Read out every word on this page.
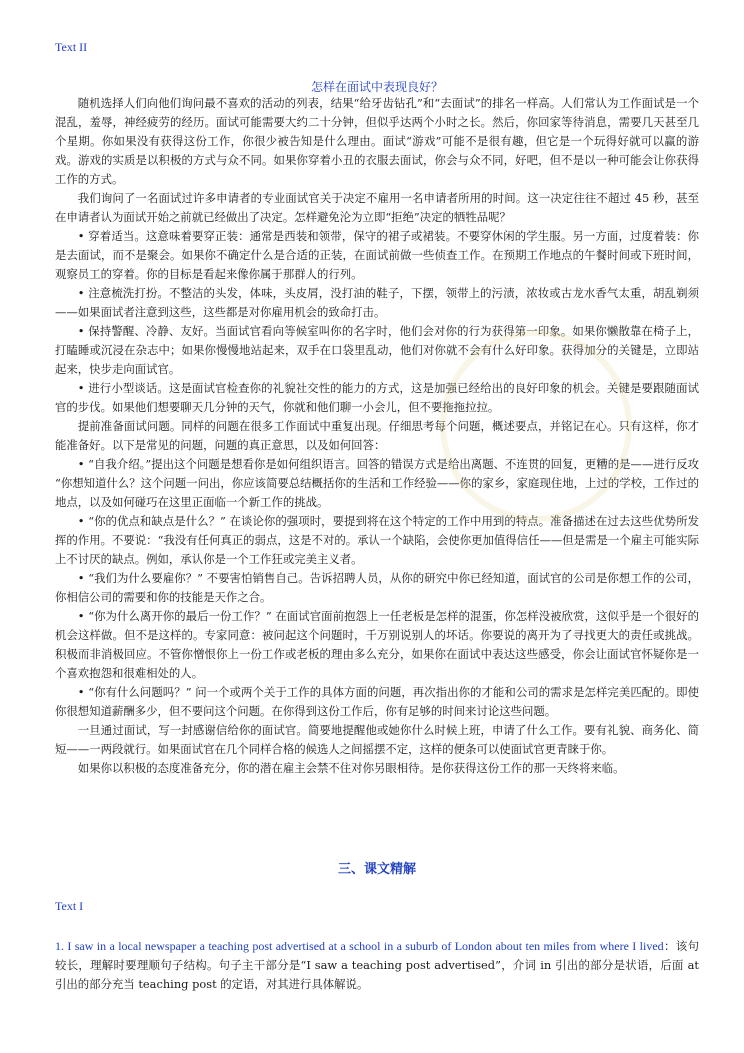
Text II
怎样在面试中表现良好？

随机选择人们向他们询问最不喜欢的活动的列表，结果“给牙齿钻孔”和“去面试”的排名一样高。人们常认为工作面试是一个混乱，羞辱，神经疲劳的经历。面试可能需要大约二十分钟，但似乎达两个小时之长。然后，你回家等待消息，需要几天甚至几个星期。你如果没有获得这份工作，你很少被告知是什么理由。面试“游戏”可能不是很有趣，但它是一个玩得好就可以赢的游戏。游戏的实质是以积极的方式与众不同。如果你穿着小丑的衣服去面试，你会与众不同，好吧，但不是以一种可能会让你获得工作的方式。

我们询问了一名面试过许多申请者的专业面试官关于决定不雇用一名申请者所用的时间。这一决定往往不超过 45 秒，甚至在申请者认为面试开始之前就已经做出了决定。怎样避免沦为立即“拒绝”决定的牺牲品呢？

• 穿着适当。这意味着要穿正装：通常是西装和领带，保守的裙子或裙装。不要穿休闲的学生服。另一方面，过度着装：你是去面试，而不是聚会。如果你不确定什么是合适的正装，在面试前做一些侦查工作。在预期工作地点的午餐时间或下班时间，观察员工的穿着。你的目标是看起来像你属于那群人的行列。

• 注意梳洗打扮。不整洁的头发，体味，头皮屑，没打油的鞋子，下摆，领带上的污渍，浓妆或古龙水香气太重，胡乱剃须——如果面试者注意到这些，这些都是对你雇用机会的致命打击。

• 保持警醒、冷静、友好。当面试官看向等候室叫你的名字时，他们会对你的行为获得第一印象。如果你懒散靠在椅子上，打瞌睡或沉浸在杂志中；如果你慢慢地站起来，双手在口袋里乱动，他们对你就不会有什么好印象。获得加分的关键是，立即站起来，快步走向面试官。

• 进行小型谈话。这是面试官检查你的礼貌社交性的能力的方式，这是加强已经给出的良好印象的机会。关键是要跟随面试官的步伐。如果他们想要聊天几分钟的天气，你就和他们聊一小会儿，但不要拖拖拉拉。

提前准备面试问题。同样的问题在很多工作面试中重复出现。仔细思考每个问题，概述要点，并铭记在心。只有这样，你才能准备好。以下是常见的问题，问题的真正意思，以及如何回答：

• “自我介绍。”提出这个问题是想看你是如何组织语言。回答的错误方式是给出离题、不连贯的回复，更糟的是——进行反攻 “你想知道什么？这个问题一问出，你应该简要总结概括你的生活和工作经验——你的家乡，家庭现住地，上过的学校，工作过的地点，以及如何碰巧在这里正面临一个新工作的挑战。

• “你的优点和缺点是什么？” 在谈论你的强项时，要提到将在这个特定的工作中用到的特点。准备描述在过去这些优势所发挥的作用。不要说：“我没有任何真正的弱点，这是不对的。承认一个缺陷，会使你更加值得信任——但是需是一个雇主可能实际上不讨厌的缺点。例如，承认你是一个工作狂或完美主义者。

• “我们为什么要雇你？” 不要害怕销售自己。告诉招聘人员，从你的研究中你已经知道，面试官的公司是你想工作的公司，你相信公司的需要和你的技能是天作之合。

• “你为什么离开你的最后一份工作？” 在面试官面前抱怨上一任老板是怎样的混蛋，你怎样没被欣赏，这似乎是一个很好的机会这样做。但不是这样的。专家同意：被问起这个问题时，千万别说别人的坏话。你要说的离开为了寻找更大的责任或挑战。积极而非消极回应。不管你憎恨你上一份工作或老板的理由多么充分，如果你在面试中表达这些感受，你会让面试官怀疑你是一个喜欢抱怨和很难相处的人。

• “你有什么问题吗？” 问一个或两个关于工作的具体方面的问题，再次指出你的才能和公司的需求是怎样完美匹配的。即使你很想知道薪酬多少，但不要问这个问题。在你得到这份工作后，你有足够的时间来讨论这些问题。

一旦通过面试，写一封感谢信给你的面试官。简要地提醒他或她你什么时候上班，申请了什么工作。要有礼貌、商务化、简短——一两段就行。如果面试官在几个同样合格的候选人之间摇摆不定，这样的便条可以使面试官更青睐于你。

如果你以积极的态度准备充分，你的潜在雇主会禁不住对你另眼相待。是你获得这份工作的那一天终将来临。

三、课文精解
Text I
1. I saw in a local newspaper a teaching post advertised at a school in a suburb of London about ten miles from where I lived：该句较长，理解时要理顺句子结构。句子主干部分是“I saw a teaching post advertised”，介词 in 引出的部分是状语，后面 at 引出的部分充当 teaching post 的定语，对其进行具体解说。
